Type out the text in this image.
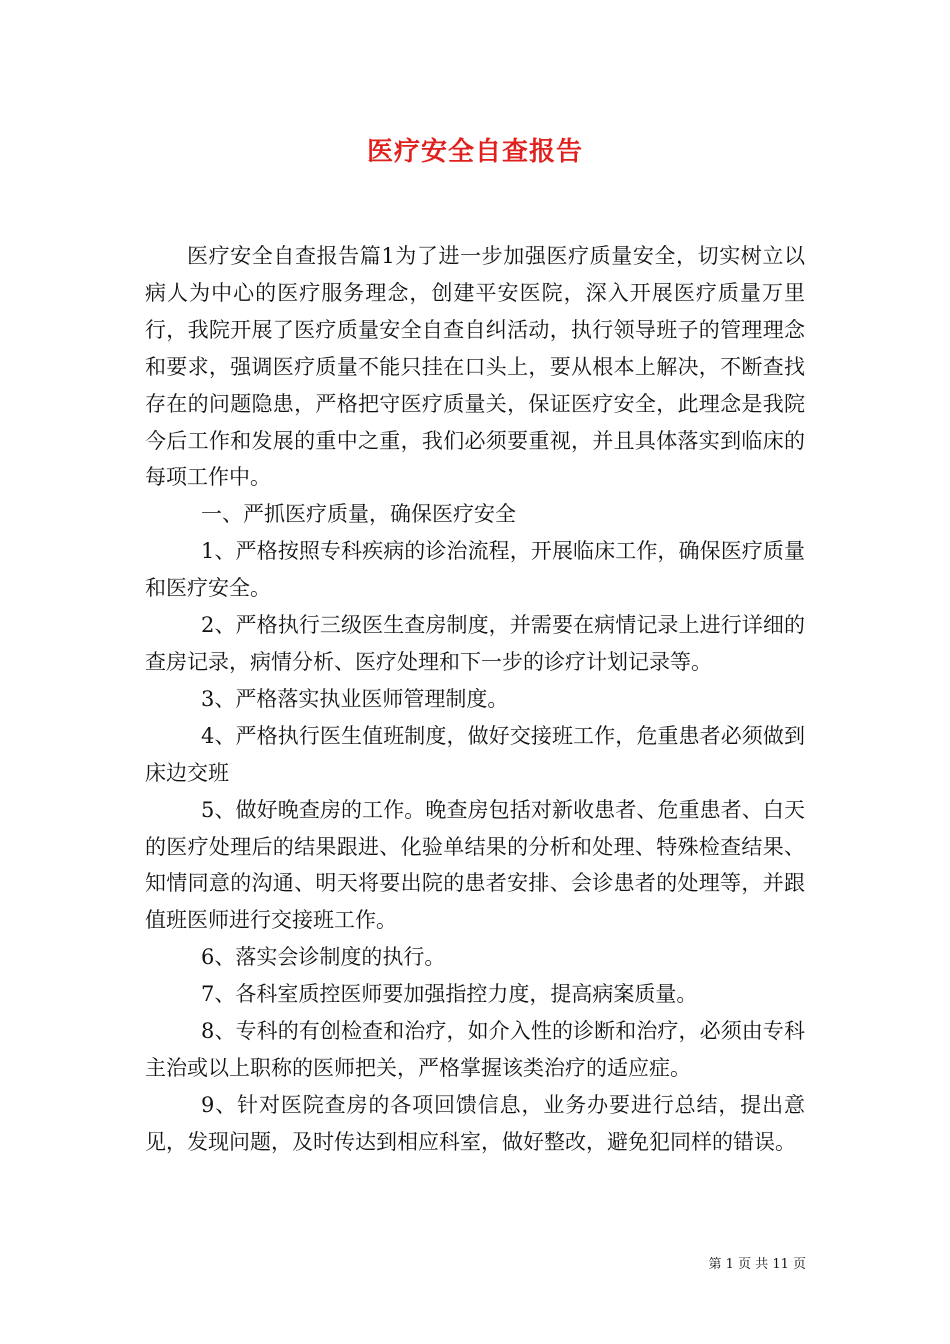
医疗安全自查报告

医疗安全自查报告篇1为了进一步加强医疗质量安全，切实树立以病人为中心的医疗服务理念，创建平安医院，深入开展医疗质量万里行，我院开展了医疗质量安全自查自纠活动，执行领导班子的管理理念和要求，强调医疗质量不能只挂在口头上，要从根本上解决，不断查找存在的问题隐患，严格把守医疗质量关，保证医疗安全，此理念是我院今后工作和发展的重中之重，我们必须要重视，并且具体落实到临床的每项工作中。

一、严抓医疗质量，确保医疗安全

1、严格按照专科疾病的诊治流程，开展临床工作，确保医疗质量和医疗安全。

2、严格执行三级医生查房制度，并需要在病情记录上进行详细的查房记录，病情分析、医疗处理和下一步的诊疗计划记录等。

3、严格落实执业医师管理制度。

4、严格执行医生值班制度，做好交接班工作，危重患者必须做到床边交班

5、做好晚查房的工作。晚查房包括对新收患者、危重患者、白天的医疗处理后的结果跟进、化验单结果的分析和处理、特殊检查结果、知情同意的沟通、明天将要出院的患者安排、会诊患者的处理等，并跟值班医师进行交接班工作。

6、落实会诊制度的执行。

7、各科室质控医师要加强指控力度，提高病案质量。

8、专科的有创检查和治疗，如介入性的诊断和治疗，必须由专科主治或以上职称的医师把关，严格掌握该类治疗的适应症。

9、针对医院查房的各项回馈信息，业务办要进行总结，提出意见，发现问题，及时传达到相应科室，做好整改，避免犯同样的错误。

第 1 页 共 11 页
